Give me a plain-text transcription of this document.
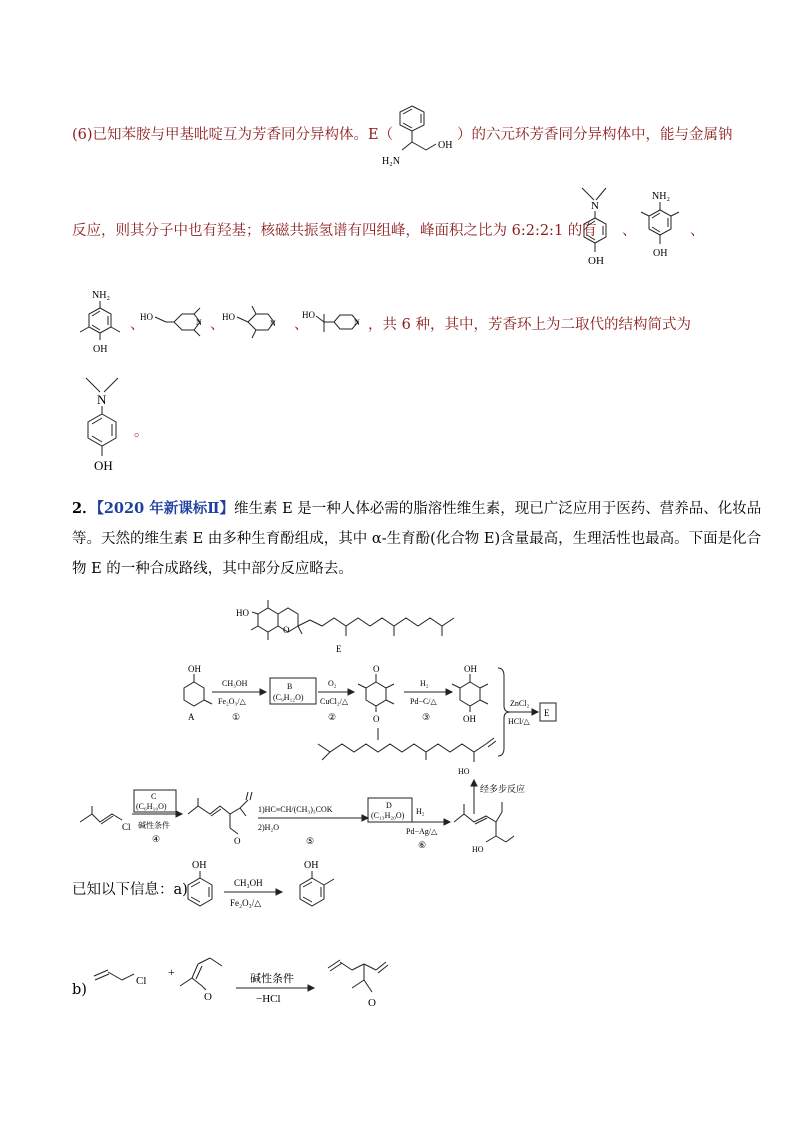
(6)已知苯胺与甲基吡啶互为芳香同分异构体。E（	）的六元环芳香同分异构体中，能与金属钠
H₂N
OH
反应，则其分子中也有羟基；核磁共振氢谱有四组峰，峰面积之比为 6:2:2:1 的有
N
OH
、
NH₂
OH
、
NH₂
OH
、
HO
N 、
HO
N 、
HO
N ，共 6 种，其中，芳香环上为二取代的结构简式为
N
OH
。
2．【2020 年新课标Ⅱ】维生素 E 是一种人体必需的脂溶性维生素，现已广泛应用于医药、营养品、化妆品
等。天然的维生素 E 由多种生育酚组成，其中 α-生育酚(化合物 E)含量最高，生理活性也最高。下面是化合
物 E 的一种合成路线，其中部分反应略去。
HO
O
E
OH
A
CH₃OH
Fe₂O₃/△
①
B
(C₉H₁₂O)
O₂
CuCl₂/△
②
O
O
H₂
Pd−C/△
③
OH
OH
ZnCl₂
HCl/△
E
HO
经多步反应
Cl
C
(C₆H₁₀O)
碱性条件
④	O
1)HC≡CH/(CH₃)₃COK
2)H₂O
⑤
D
(C₁₃H₂₀O) H₂
Pd−Ag/△
⑥	HO
已知以下信息：a)
OH
CH₃OH
Fe₂O₃/△
OH
b)
Cl
+
O
碱性条件
−HCl	O
